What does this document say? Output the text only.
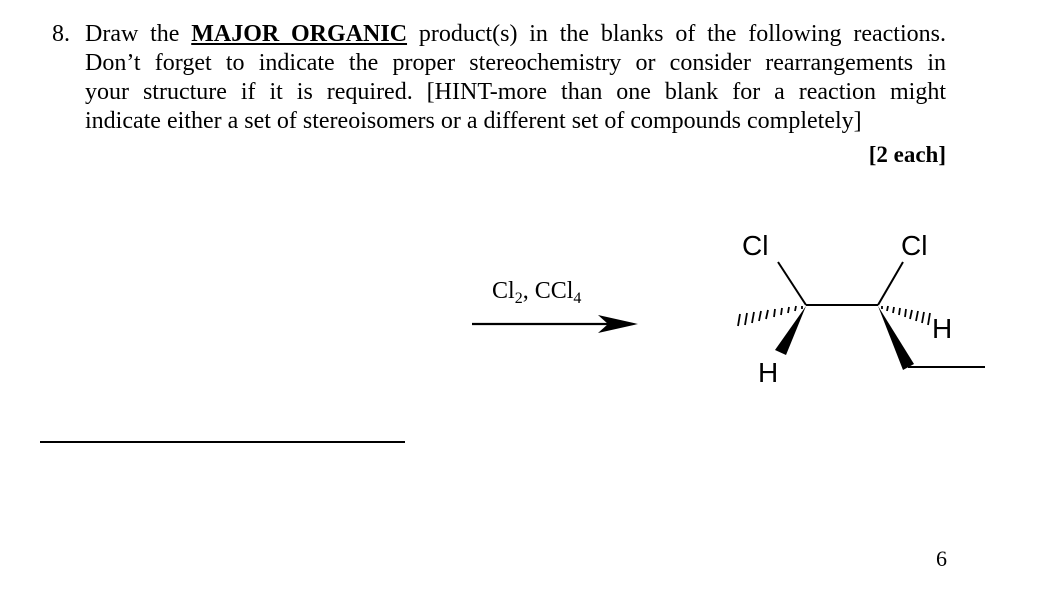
8. Draw the MAJOR ORGANIC product(s) in the blanks of the following reactions.
Don’t forget to indicate the proper stereochemistry or consider rearrangements in
your structure if it is required. [HINT-more than one blank for a reaction might
indicate either a set of stereoisomers or a different set of compounds completely]
[2 each]
$Cl_2$, CCl$_4$
Cl	Cl
H
H
6
